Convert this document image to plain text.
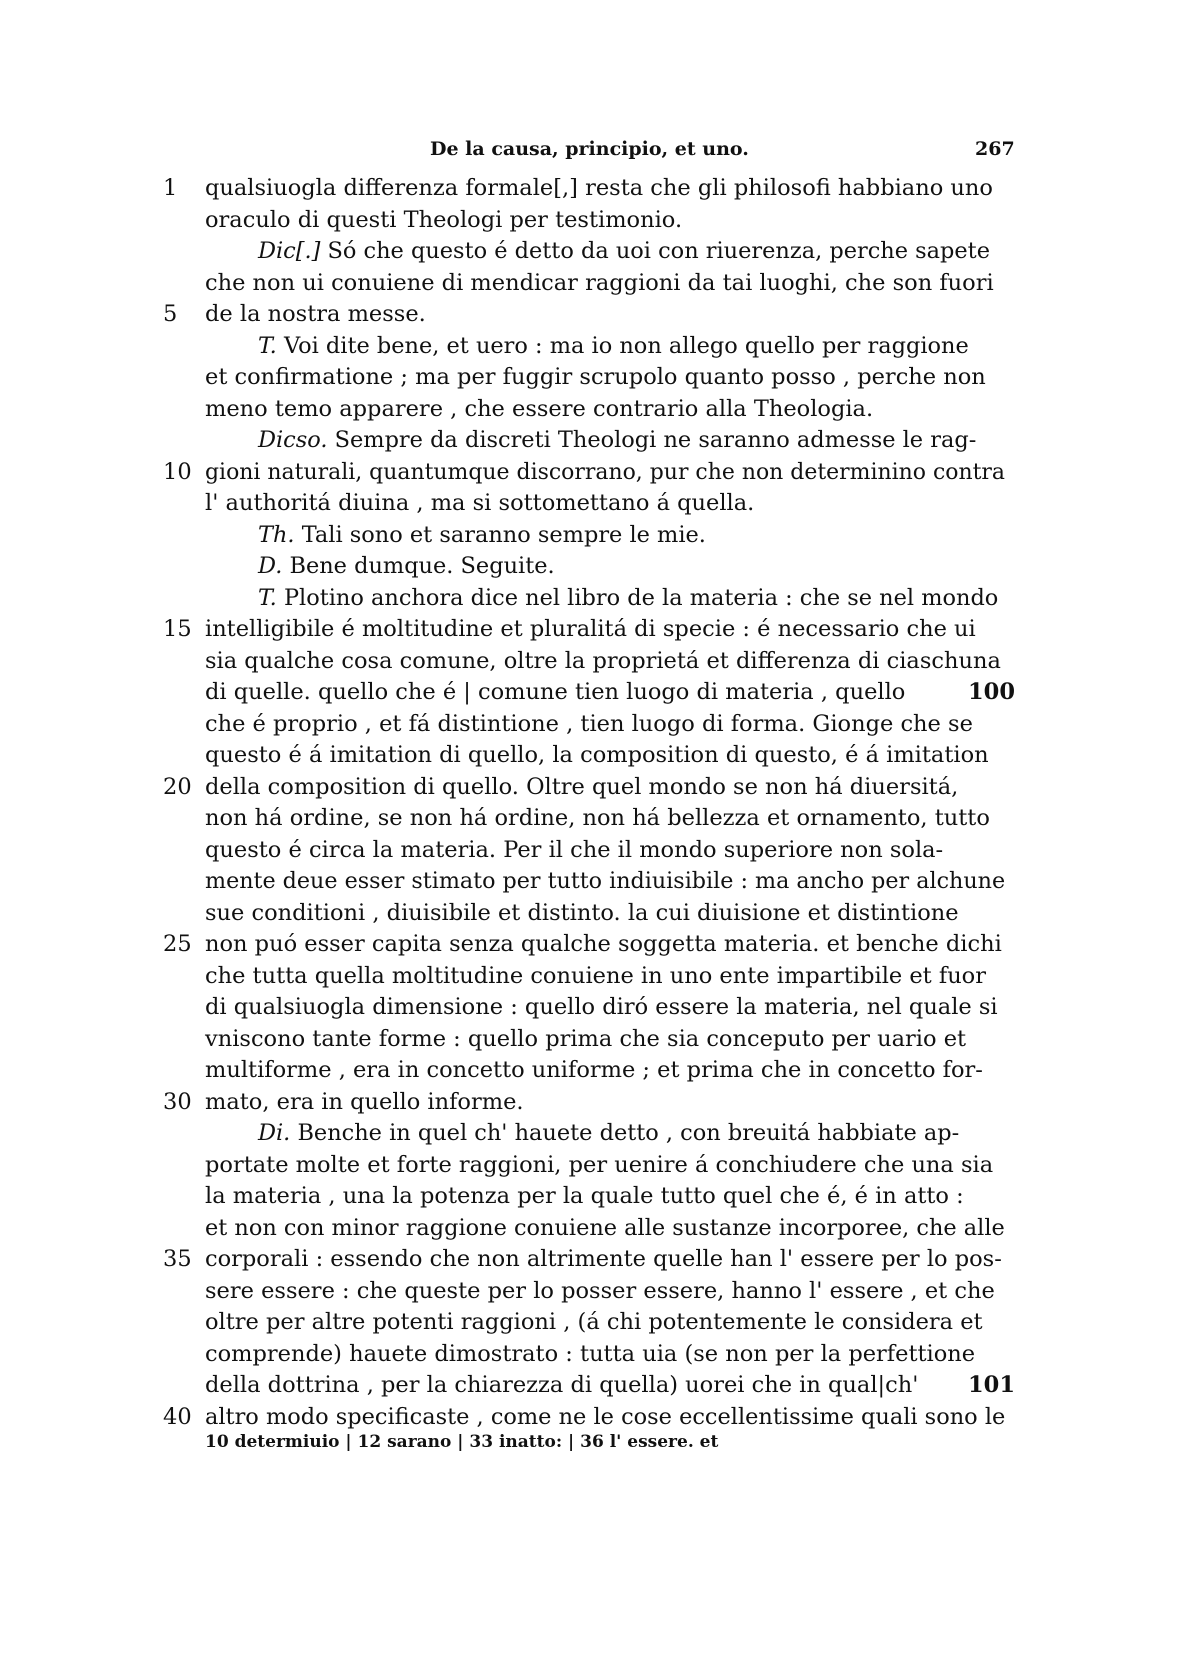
De la causa, principio, et uno.	267
1	qualsiuogla differenza formale[,] resta che gli philosofi habbiano uno
oraculo di questi Theologi per testimonio.
Dic[.] Só che questo é detto da uoi con riuerenza, perche sapete
che non ui conuiene di mendicar raggioni da tai luoghi, che son fuori
5	de la nostra messe.
T. Voi dite bene, et uero : ma io non allego quello per raggione
et confirmatione ; ma per fuggir scrupolo quanto posso , perche non
meno temo apparere , che essere contrario alla Theologia.
Dicso. Sempre da discreti Theologi ne saranno admesse le rag-
10 gioni naturali, quantumque discorrano, pur che non determinino contra
l' authoritá diuina , ma si sottomettano á quella.
Th. Tali sono et saranno sempre le mie.
D. Bene dumque. Seguite.
T. Plotino anchora dice nel libro de la materia : che se nel mondo
15 intelligibile é moltitudine et pluralitá di specie : é necessario che ui
sia qualche cosa comune, oltre la proprietá et differenza di ciaschuna
di quelle. quello che é | comune tien luogo di materia , quello	100
che é proprio , et fá distintione , tien luogo di forma. Gionge che se
questo é á imitation di quello, la composition di questo, é á imitation
20 della composition di quello. Oltre quel mondo se non há diuersitá,
non há ordine, se non há ordine, non há bellezza et ornamento, tutto
questo é circa la materia. Per il che il mondo superiore non sola-
mente deue esser stimato per tutto indiuisibile : ma ancho per alchune
sue conditioni , diuisibile et distinto. la cui diuisione et distintione
25 non puó esser capita senza qualche soggetta materia. et benche dichi
che tutta quella moltitudine conuiene in uno ente impartibile et fuor
di qualsiuogla dimensione : quello diró essere la materia, nel quale si
vniscono tante forme : quello prima che sia conceputo per uario et
multiforme , era in concetto uniforme ; et prima che in concetto for-
30 mato, era in quello informe.
Di. Benche in quel ch' hauete detto , con breuitá habbiate ap-
portate molte et forte raggioni, per uenire á conchiudere che una sia
la materia , una la potenza per la quale tutto quel che é, é in atto :
et non con minor raggione conuiene alle sustanze incorporee, che alle
35 corporali : essendo che non altrimente quelle han l' essere per lo pos-
sere essere : che queste per lo posser essere, hanno l' essere , et che
oltre per altre potenti raggioni , (á chi potentemente le considera et
comprende) hauete dimostrato : tutta uia (se non per la perfettione
della dottrina , per la chiarezza di quella) uorei che in qual|ch'	101
40 altro modo specificaste , come ne le cose eccellentissime quali sono le
10 determiuio | 12 sarano | 33 inatto: | 36 l' essere. et
